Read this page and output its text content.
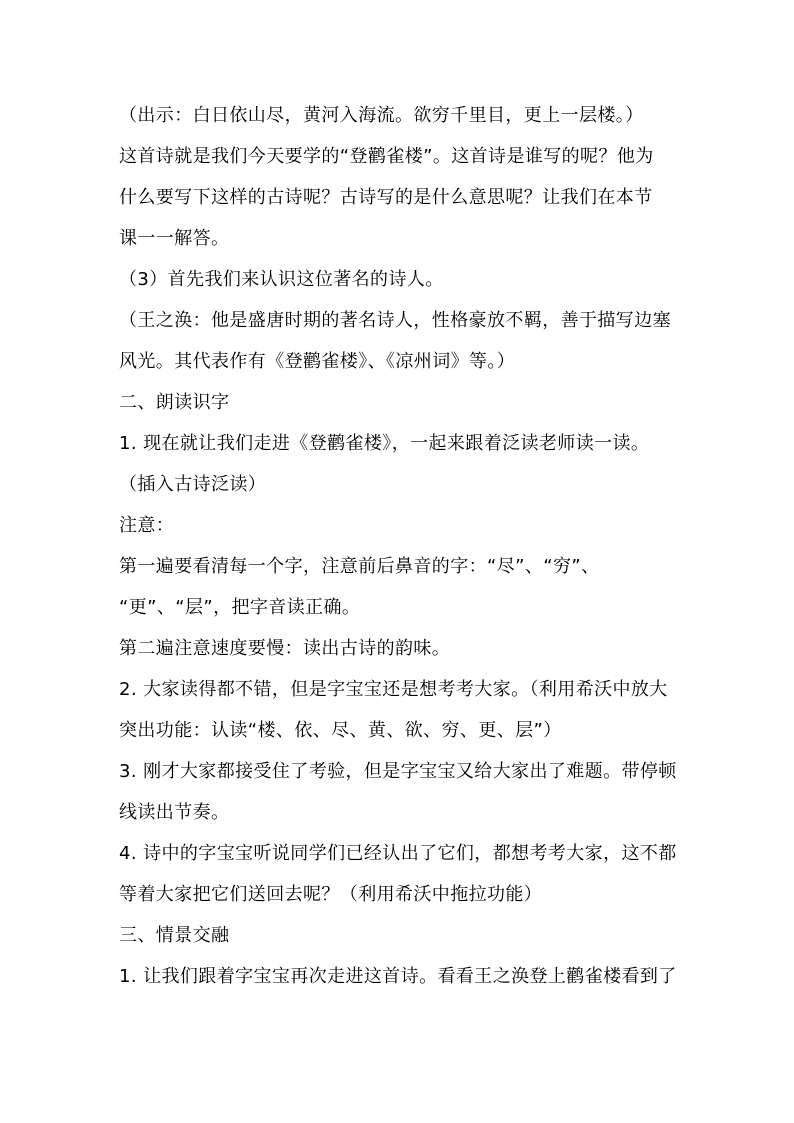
（出示：白日依山尽，黄河入海流。欲穷千里目，更上一层楼。）
这首诗就是我们今天要学的“登鹳雀楼”。这首诗是谁写的呢？他为
什么要写下这样的古诗呢？古诗写的是什么意思呢？让我们在本节
课一一解答。
（3）首先我们来认识这位著名的诗人。
（王之涣：他是盛唐时期的著名诗人，性格豪放不羁，善于描写边塞
风光。其代表作有《登鹳雀楼》、《凉州词》等。）
二、朗读识字
1. 现在就让我们走进《登鹳雀楼》，一起来跟着泛读老师读一读。
（插入古诗泛读）
注意：
第一遍要看清每一个字，注意前后鼻音的字：“尽”、“穷”、
“更”、“层”，把字音读正确。
第二遍注意速度要慢：读出古诗的韵味。
2. 大家读得都不错，但是字宝宝还是想考考大家。（利用希沃中放大
突出功能：认读“楼、依、尽、黄、欲、穷、更、层”）
3. 刚才大家都接受住了考验，但是字宝宝又给大家出了难题。带停顿
线读出节奏。
4. 诗中的字宝宝听说同学们已经认出了它们，都想考考大家，这不都
等着大家把它们送回去呢？（利用希沃中拖拉功能）
三、情景交融
1. 让我们跟着字宝宝再次走进这首诗。看看王之涣登上鹳雀楼看到了
